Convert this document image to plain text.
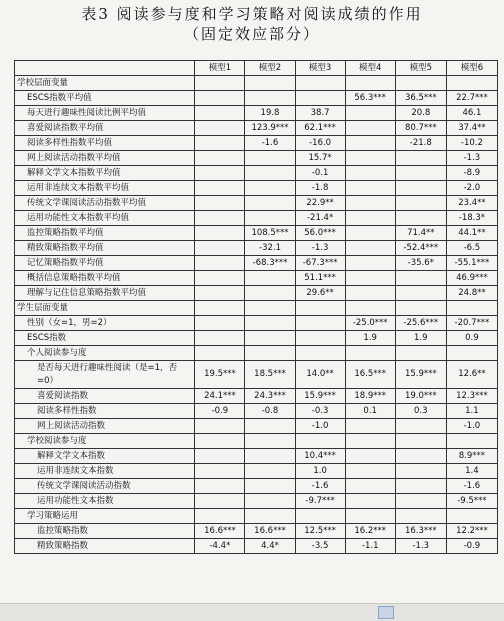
表3 阅读参与度和学习策略对阅读成绩的作用
（固定效应部分）
	模型1	模型2	模型3	模型4	模型5	模型6
学校层面变量						
ESCS指数平均值				56.3***	36.5***	22.7***
每天进行趣味性阅读比例平均值		19.8	38.7		20.8	46.1
喜爱阅读指数平均值		123.9***	62.1***		80.7***	37.4**
阅读多样性指数平均值		-1.6	-16.0		-21.8	-10.2
网上阅读活动指数平均值			15.7*			-1.3
解释文学文本指数平均值			-0.1			-8.9
运用非连续文本指数平均值			-1.8			-2.0
传统文学课阅读活动指数平均值			22.9**			23.4**
运用功能性文本指数平均值			-21.4*			-18.3*
监控策略指数平均值		108.5***	56.0***		71.4**	44.1**
精致策略指数平均值		-32.1	-1.3		-52.4***	-6.5
记忆策略指数平均值		-68.3***	-67.3***		-35.6*	-55.1***
概括信息策略指数平均值			51.1***			46.9***
理解与记住信息策略指数平均值			29.6**			24.8**
学生层面变量						
性别（女=1，男=2）				-25.0***	-25.6***	-20.7***
ESCS指数				1.9	1.9	0.9
个人阅读参与度						
是否每天进行趣味性阅读（是=1，否=0）	19.5***	18.5***	14.0**	16.5***	15.9***	12.6**
喜爱阅读指数	24.1***	24.3***	15.9***	18.9***	19.0***	12.3***
阅读多样性指数	-0.9	-0.8	-0.3	0.1	0.3	1.1
网上阅读活动指数			-1.0			-1.0
学校阅读参与度						
解释文学文本指数			10.4***			8.9***
运用非连续文本指数			1.0			1.4
传统文学课阅读活动指数			-1.6			-1.6
运用功能性文本指数			-9.7***			-9.5***
学习策略运用						
监控策略指数	16.6***	16.6***	12.5***	16.2***	16.3***	12.2***
精致策略指数	-4.4*	4.4*	-3.5	-1.1	-1.3	-0.9
